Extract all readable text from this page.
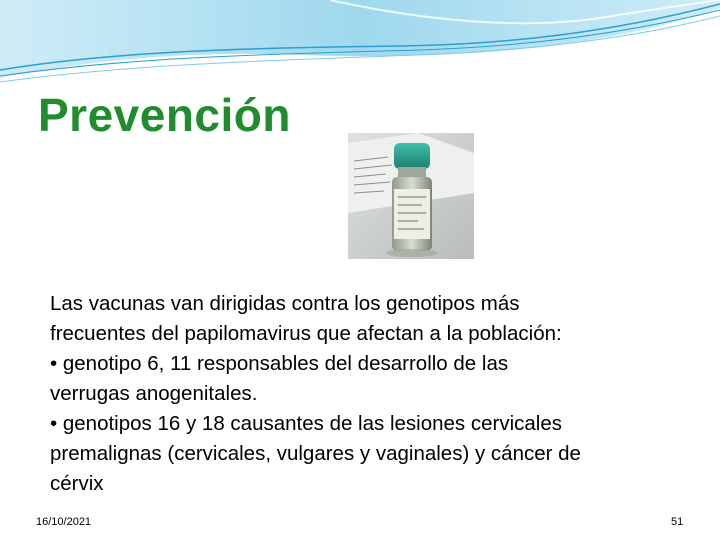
Prevención
Las vacunas van dirigidas contra los genotipos más
frecuentes del papilomavirus que afectan a la población:
• genotipo 6, 11 responsables del desarrollo de las
verrugas anogenitales.
• genotipos 16 y 18 causantes de las lesiones cervicales
premalignas (cervicales, vulgares y vaginales) y cáncer de
cérvix
16/10/2021	51
